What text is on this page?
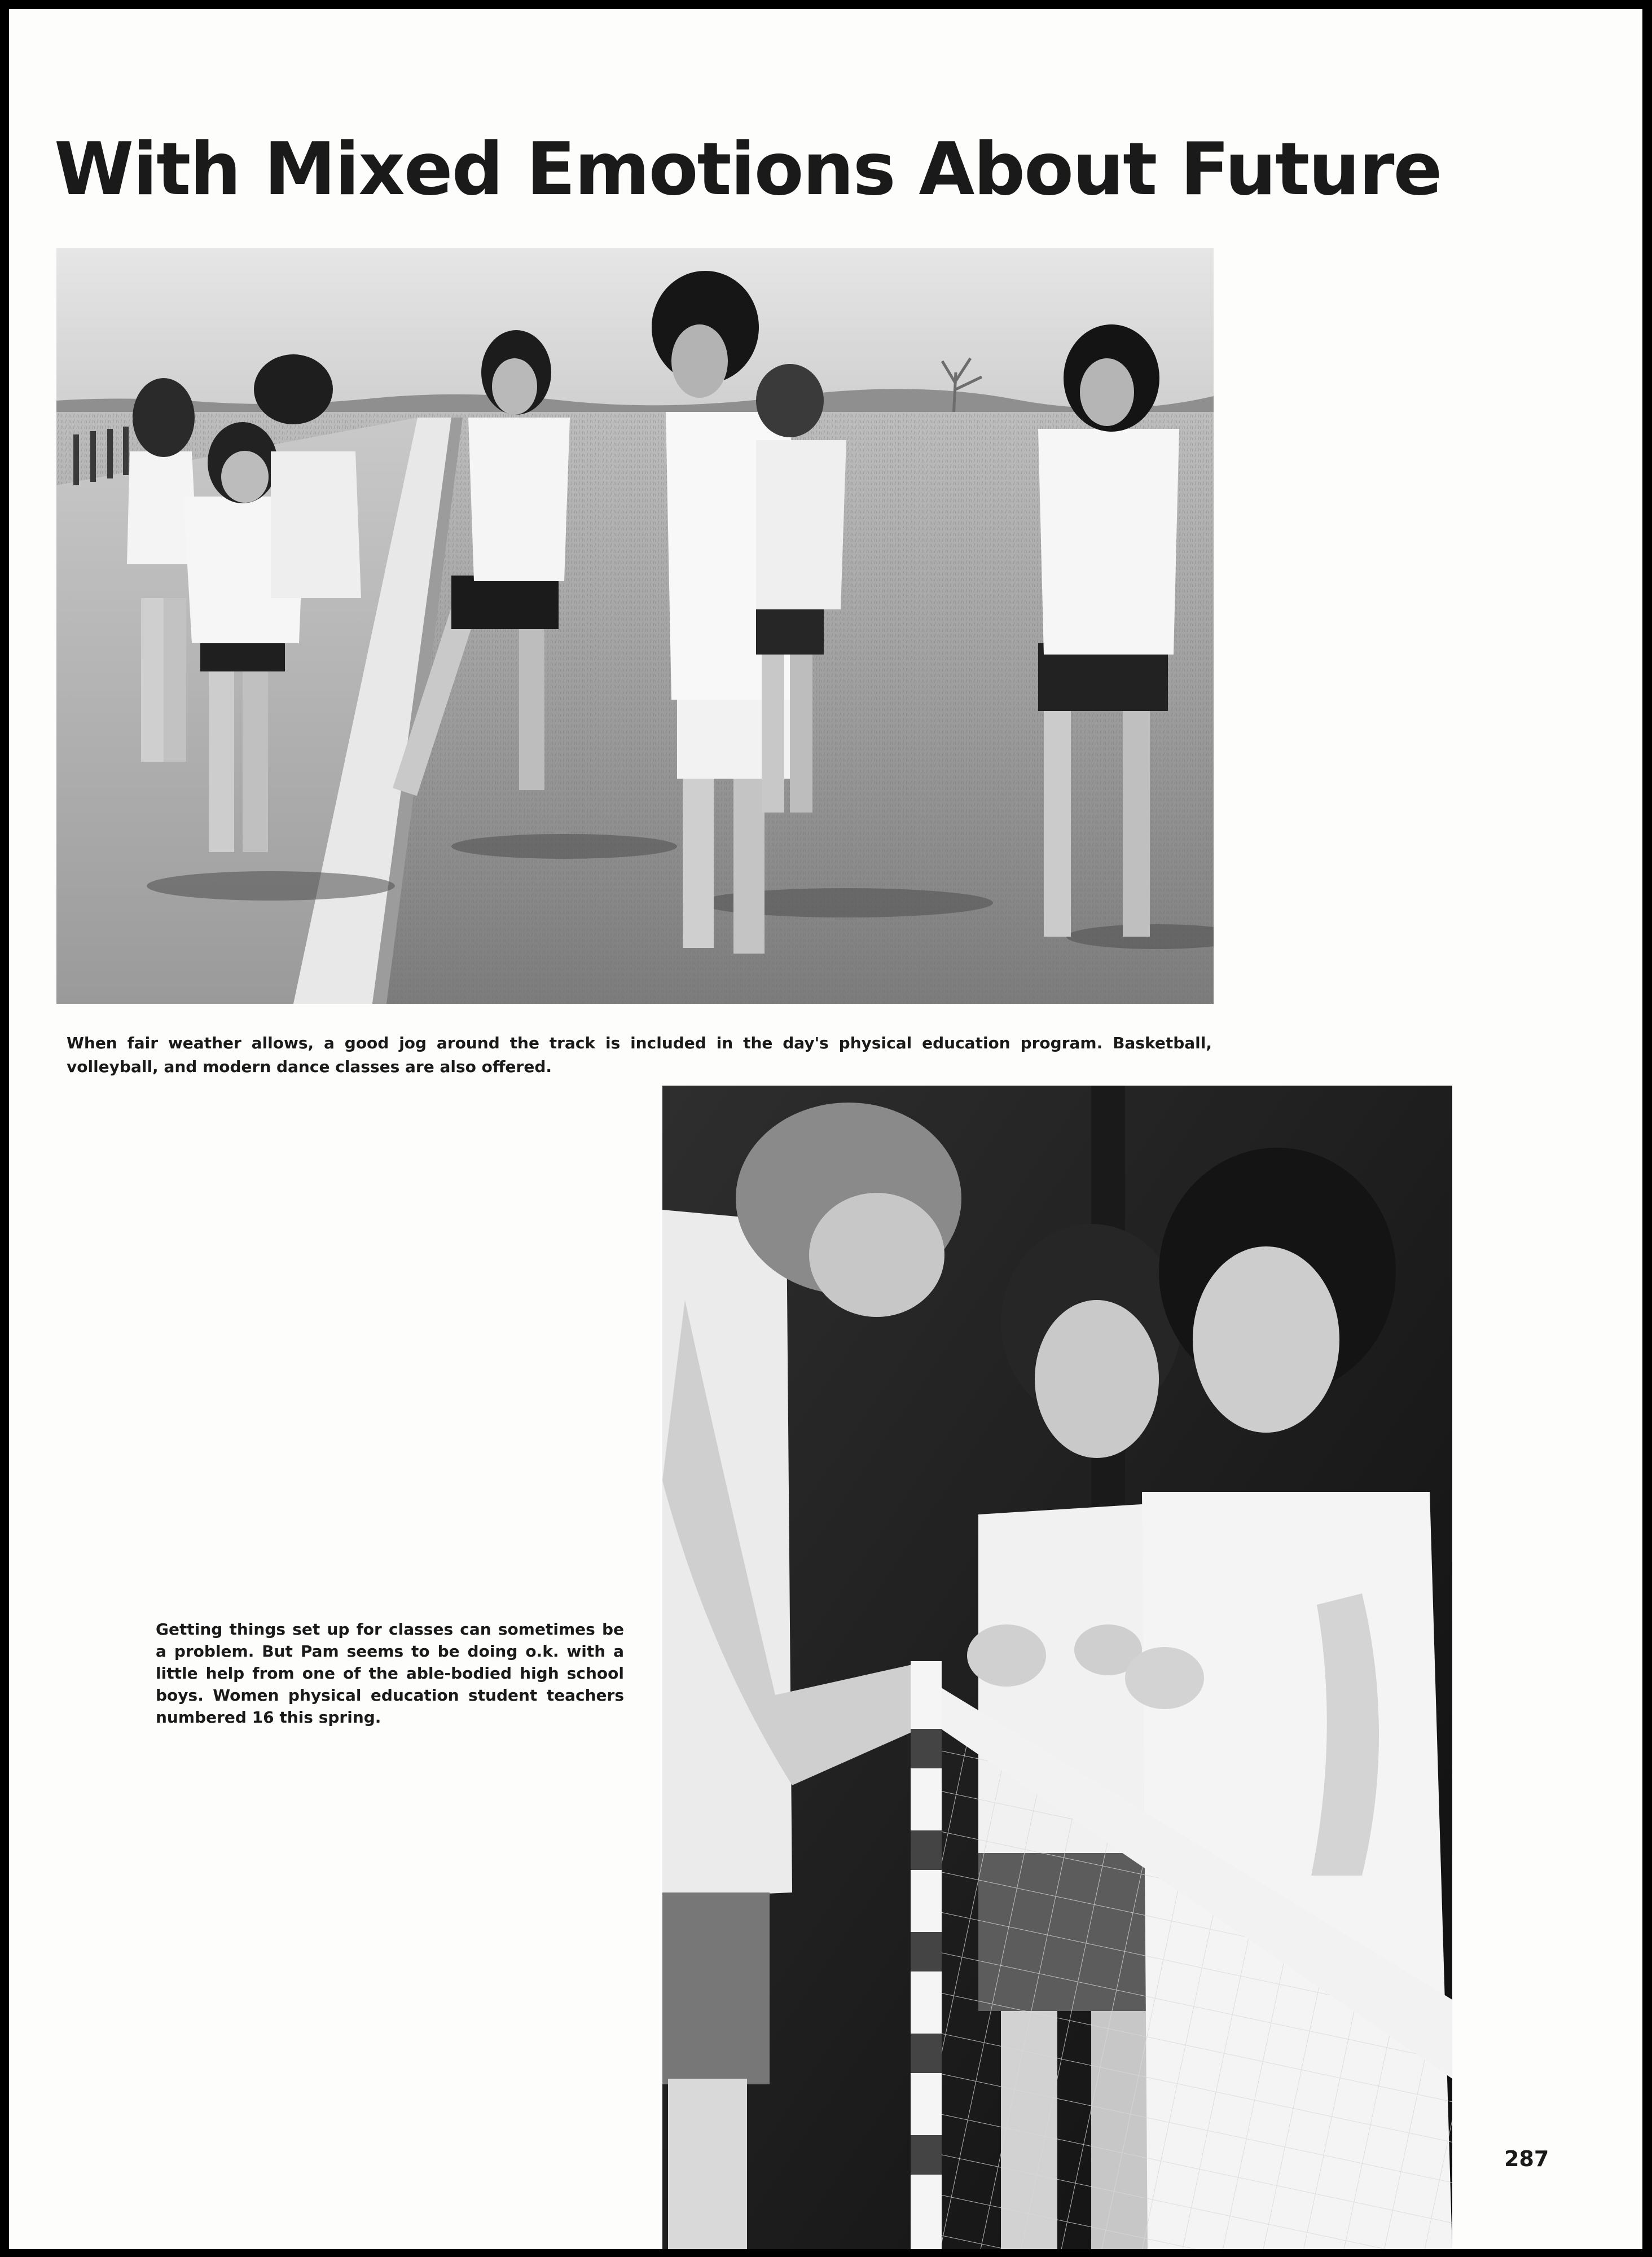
With Mixed Emotions About Future

When fair weather allows, a good jog around the track is included in the day's physical education program. Basketball, volleyball, and modern dance classes are also offered.

Getting things set up for classes can sometimes be a problem. But Pam seems to be doing o.k. with a little help from one of the able-bodied high school boys. Women physical education student teachers numbered 16 this spring.

287
